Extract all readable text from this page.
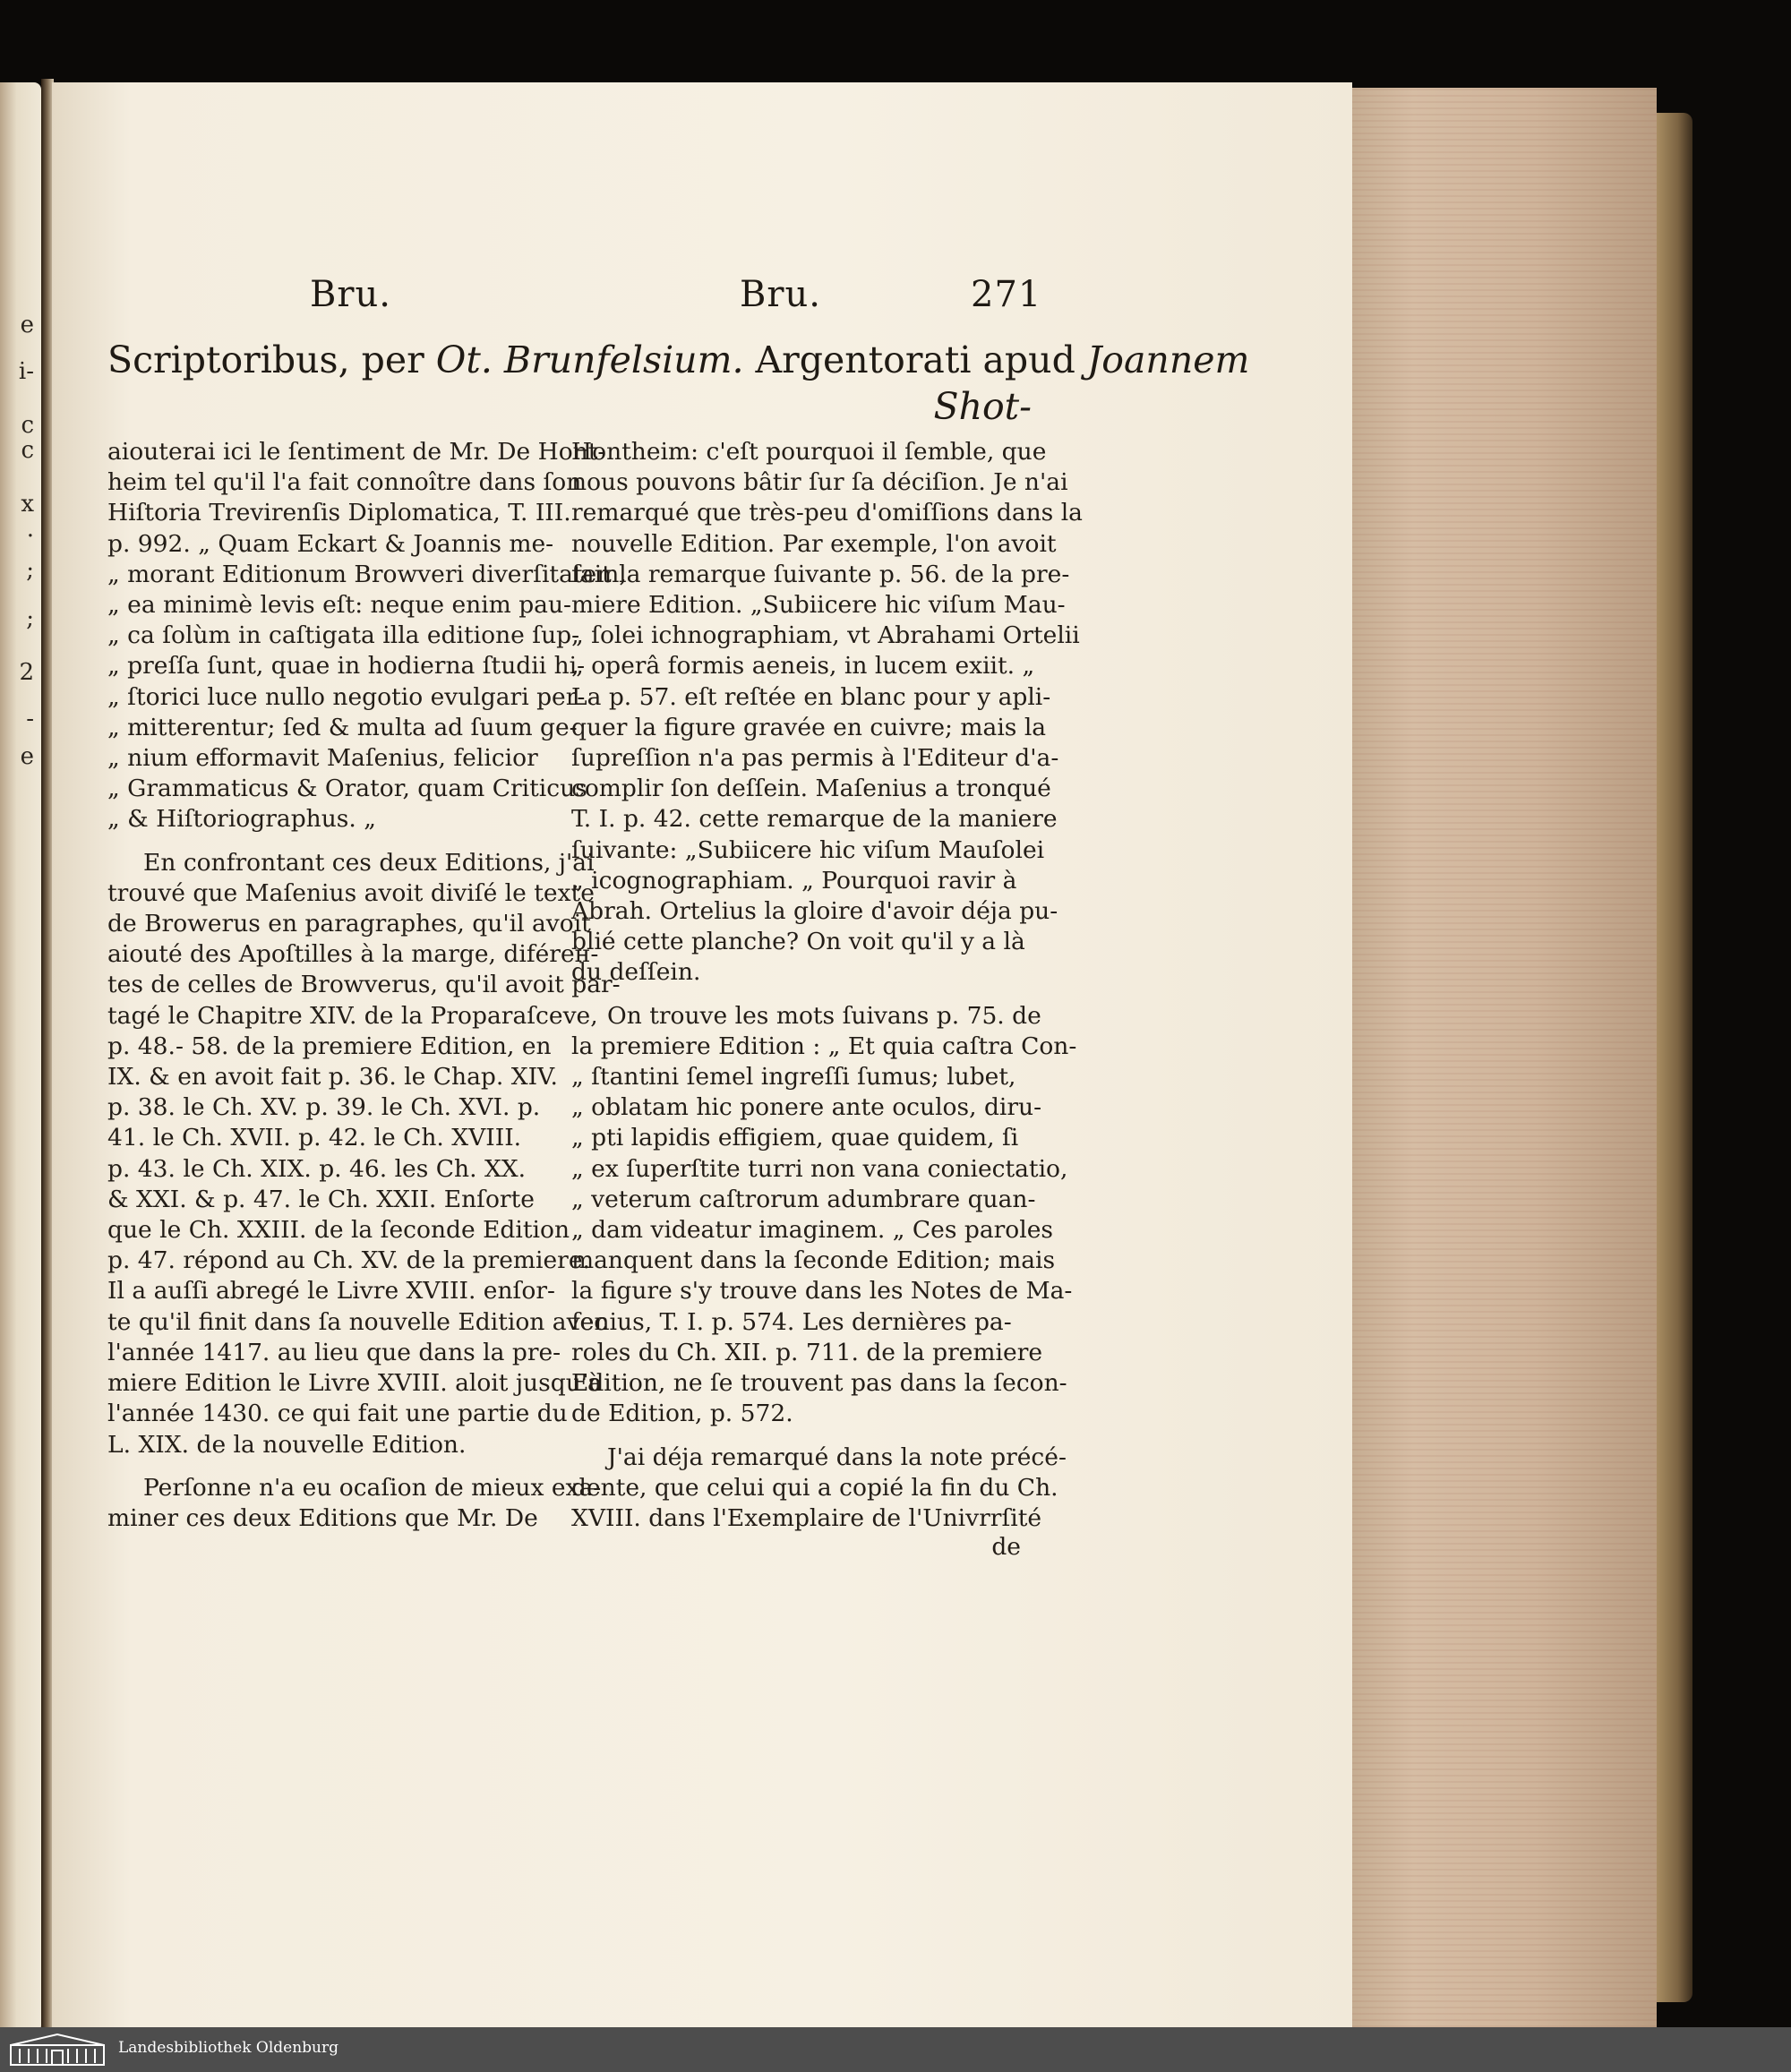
e
i-
c
c
x
.
;
;
2
-
e
Bru.	Bru.	271
Scriptoribus, per Ot. Brunfelsium. Argentorati apud Joannem
Shot-

aiouterai ici le ſentiment de Mr. De Hont-
heim tel qu'il l'a fait connoître dans ſon
Hiſtoria Trevirenſis Diplomatica, T. III.
p. 992. „ Quam Eckart & Joannis me-
„ morant Editionum Browveri diverſitatem,
„ ea minimè levis eſt: neque enim pau-
„ ca ſolùm in caſtigata illa editione ſup-
„ preſſa ſunt, quae in hodierna ſtudii hi-
„ ſtorici luce nullo negotio evulgari per-
„ mitterentur; ſed & multa ad ſuum ge-
„ nium efformavit Maſenius, felicior
„ Grammaticus & Orator, quam Criticus
„ & Hiſtoriographus. „

En confrontant ces deux Editions, j'ai
trouvé que Maſenius avoit diviſé le texte
de Browerus en paragraphes, qu'il avoit
aiouté des Apoſtilles à la marge, diférен-
tes de celles de Browverus, qu'il avoit par-
tagé le Chapitre XIV. de la Proparaſceve,
p. 48.- 58. de la premiere Edition, en
IX. & en avoit fait p. 36. le Chap. XIV.
p. 38. le Ch. XV. p. 39. le Ch. XVI. p.
41. le Ch. XVII. p. 42. le Ch. XVIII.
p. 43. le Ch. XIX. p. 46. les Ch. XX.
& XXI. & p. 47. le Ch. XXII. Enſorte
que le Ch. XXIII. de la ſeconde Edition
p. 47. répond au Ch. XV. de la premiere.
Il a auſſi abregé le Livre XVIII. enſor-
te qu'il finit dans ſa nouvelle Edition avec
l'année 1417. au lieu que dans la pre-
miere Edition le Livre XVIII. aloit jusqu'à
l'année 1430. ce qui fait une partie du
L. XIX. de la nouvelle Edition.

Perſonne n'a eu ocaſion de mieux exa-
miner ces deux Editions que Mr. De

Hontheim: c'eſt pourquoi il ſemble, que
nous pouvons bâtir ſur ſa déciſion. Je n'ai
remarqué que très-peu d'omiſſions dans la
nouvelle Edition. Par exemple, l'on avoit
fait la remarque ſuivante p. 56. de la pre-
miere Edition. „Subiicere hic viſum Mau-
„ ſolei ichnographiam, vt Abrahami Ortelii
„ operâ formis aeneis, in lucem exiit. „
La p. 57. eſt reſtée en blanc pour y apli-
quer la figure gravée en cuivre; mais la
ſupreſſion n'a pas permis à l'Editeur d'a-
complir ſon deſſein. Maſenius a tronqué
T. I. p. 42. cette remarque de la maniere
ſuivante: „Subiicere hic viſum Mauſolei
„ icognographiam. „ Pourquoi ravir à
Abrah. Ortelius la gloire d'avoir déja pu-
blié cette planche? On voit qu'il y a là
du deſſein.

On trouve les mots ſuivans p. 75. de
la premiere Edition : „ Et quia caſtra Con-
„ ſtantini ſemel ingreſſi ſumus; lubet,
„ oblatam hic ponere ante oculos, diru-
„ pti lapidis effigiem, quae quidem, ſi
„ ex ſuperſtite turri non vana coniectatio,
„ veterum caſtrorum adumbrare quan-
„ dam videatur imaginem. „ Ces paroles
manquent dans la ſeconde Edition; mais
la figure s'y trouve dans les Notes de Ma-
ſenius, T. I. p. 574. Les dernières pa-
roles du Ch. XII. p. 711. de la premiere
Edition, ne ſe trouvent pas dans la ſecon-
de Edition, p. 572.

J'ai déja remarqué dans la note précé-
dente, que celui qui a copié la fin du Ch.
XVIII. dans l'Exemplaire de l'Univrrſité

de
Landesbibliothek Oldenburg
